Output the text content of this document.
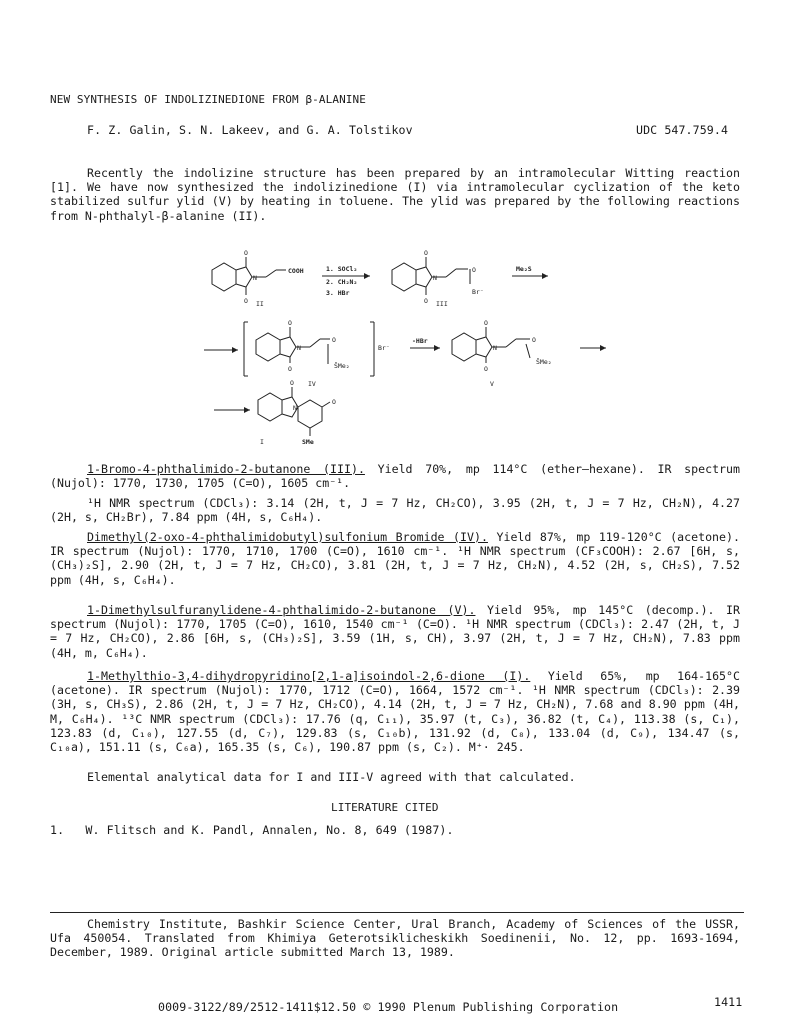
NEW SYNTHESIS OF INDOLIZINEDIONE FROM β-ALANINE
F. Z. Galin, S. N. Lakeev, and G. A. Tolstikov	UDC 547.759.4
Recently the indolizine structure has been prepared by an intramolecular Witting reaction [1]. We have now synthesized the indolizinedione (I) via intramolecular cyclization of the keto stabilized sulfur ylid (V) by heating in toluene. The ylid was prepared by the following reactions from N-phthalyl-β-alanine (II).
O
O
N
COOH
II
1. SOCl₂
2. CH₂N₂
3. HBr
O
O
N
O
Br⁻
III
Me₂S
O
O
N
O
ŠMe₂
Br⁻
IV
-HBr
O
O
N
O
ŠMe₂
V
O
N
O
SMe
I
1-Bromo-4-phthalimido-2-butanone (III). Yield 70%, mp 114°C (ether—hexane). IR spectrum (Nujol): 1770, 1730, 1705 (C=O), 1605 cm⁻¹.
¹H NMR spectrum (CDCl₃): 3.14 (2H, t, J = 7 Hz, CH₂CO), 3.95 (2H, t, J = 7 Hz, CH₂N), 4.27 (2H, s, CH₂Br), 7.84 ppm (4H, s, C₆H₄).
Dimethyl(2-oxo-4-phthalimidobutyl)sulfonium Bromide (IV). Yield 87%, mp 119-120°C (acetone). IR spectrum (Nujol): 1770, 1710, 1700 (C=O), 1610 cm⁻¹. ¹H NMR spectrum (CF₃COOH): 2.67 [6H, s, (CH₃)₂S], 2.90 (2H, t, J = 7 Hz, CH₂CO), 3.81 (2H, t, J = 7 Hz, CH₂N), 4.52 (2H, s, CH₂S), 7.52 ppm (4H, s, C₆H₄).
1-Dimethylsulfuranylidene-4-phthalimido-2-butanone (V). Yield 95%, mp 145°C (decomp.). IR spectrum (Nujol): 1770, 1705 (C=O), 1610, 1540 cm⁻¹ (C=O). ¹H NMR spectrum (CDCl₃): 2.47 (2H, t, J = 7 Hz, CH₂CO), 2.86 [6H, s, (CH₃)₂S], 3.59 (1H, s, CH), 3.97 (2H, t, J = 7 Hz, CH₂N), 7.83 ppm (4H, m, C₆H₄).
1-Methylthio-3,4-dihydropyridino[2,1-a]isoindol-2,6-dione (I). Yield 65%, mp 164-165°C (acetone). IR spectrum (Nujol): 1770, 1712 (C=O), 1664, 1572 cm⁻¹. ¹H NMR spectrum (CDCl₃): 2.39 (3H, s, CH₃S), 2.86 (2H, t, J = 7 Hz, CH₂CO), 4.14 (2H, t, J = 7 Hz, CH₂N), 7.68 and 8.90 ppm (4H, M, C₆H₄). ¹³C NMR spectrum (CDCl₃): 17.76 (q, C₁₁), 35.97 (t, C₃), 36.82 (t, C₄), 113.38 (s, C₁), 123.83 (d, C₁₀), 127.55 (d, C₇), 129.83 (s, C₁₀b), 131.92 (d, C₈), 133.04 (d, C₉), 134.47 (s, C₁₀a), 151.11 (s, C₆a), 165.35 (s, C₆), 190.87 ppm (s, C₂). M⁺· 245.
Elemental analytical data for I and III-V agreed with that calculated.
LITERATURE CITED
1.   W. Flitsch and K. Pandl, Annalen, No. 8, 649 (1987).
Chemistry Institute, Bashkir Science Center, Ural Branch, Academy of Sciences of the USSR, Ufa 450054. Translated from Khimiya Geterotsiklicheskikh Soedinenii, No. 12, pp. 1693-1694, December, 1989. Original article submitted March 13, 1989.
0009-3122/89/2512-1411$12.50 © 1990 Plenum Publishing Corporation	1411
